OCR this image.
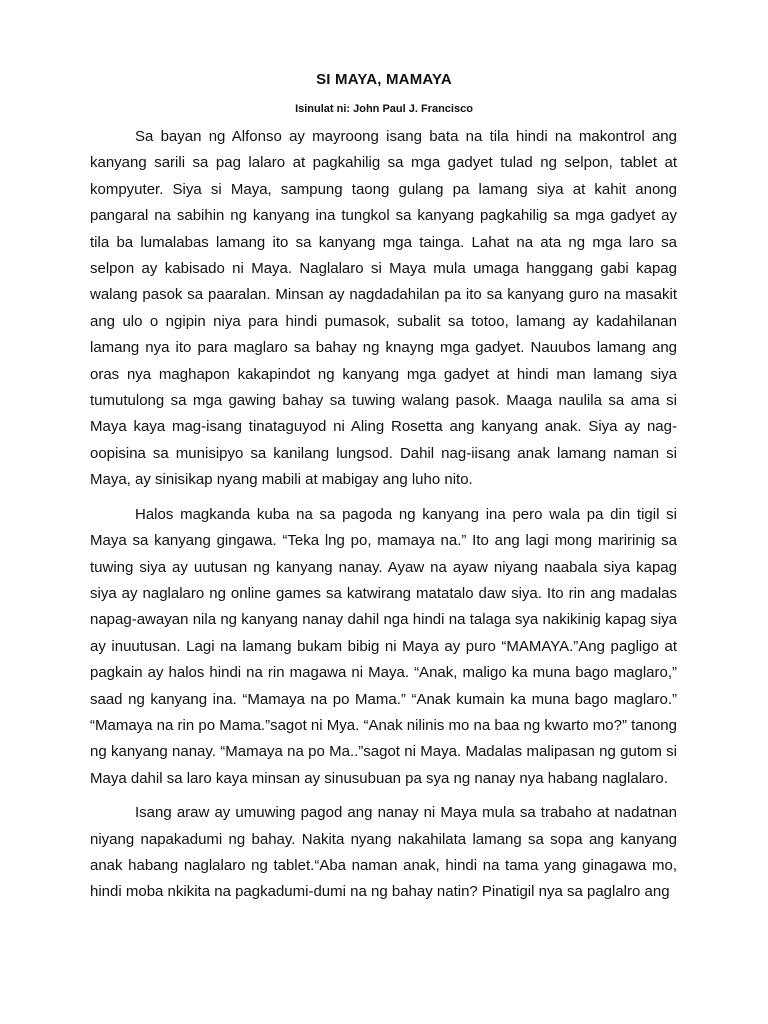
SI MAYA, MAMAYA
Isinulat ni: John Paul J. Francisco

Sa bayan ng Alfonso ay mayroong isang bata na tila hindi na makontrol ang kanyang sarili sa pag lalaro at pagkahilig sa mga gadyet tulad ng selpon, tablet at kompyuter. Siya si Maya, sampung taong gulang pa lamang siya at kahit anong pangaral na sabihin ng kanyang ina tungkol sa kanyang pagkahilig sa mga gadyet ay tila ba lumalabas lamang ito sa kanyang mga tainga. Lahat na ata ng mga laro sa selpon ay kabisado ni Maya. Naglalaro si Maya mula umaga hanggang gabi kapag walang pasok sa paaralan. Minsan ay nagdadahilan pa ito sa kanyang guro na masakit ang ulo o ngipin niya para hindi pumasok, subalit sa totoo, lamang ay kadahilanan lamang nya ito para maglaro sa bahay ng knayng mga gadyet. Nauubos lamang ang oras nya maghapon kakapindot ng kanyang mga gadyet at hindi man lamang siya tumutulong sa mga gawing bahay sa tuwing walang pasok. Maaga naulila sa ama si Maya kaya mag-isang tinataguyod ni Aling Rosetta ang kanyang anak. Siya ay nag-oopisina sa munisipyo sa kanilang lungsod. Dahil nag-iisang anak lamang naman si Maya, ay sinisikap nyang mabili at mabigay ang luho nito.

Halos magkanda kuba na sa pagoda ng kanyang ina pero wala pa din tigil si Maya sa kanyang gingawa. “Teka lng po, mamaya na.” Ito ang lagi mong maririnig sa tuwing siya ay uutusan ng kanyang nanay. Ayaw na ayaw niyang naabala siya kapag siya ay naglalaro ng online games sa katwirang matatalo daw siya. Ito rin ang madalas napag-awayan nila ng kanyang nanay dahil nga hindi na talaga sya nakikinig kapag siya ay inuutusan. Lagi na lamang bukam bibig ni Maya ay puro “MAMAYA.”Ang pagligo at pagkain ay halos hindi na rin magawa ni Maya. “Anak, maligo ka muna bago maglaro,” saad ng kanyang ina. “Mamaya na po Mama.” “Anak kumain ka muna bago maglaro.” “Mamaya na rin po Mama.”sagot ni Mya. “Anak nilinis mo na baa ng kwarto mo?” tanong ng kanyang nanay. “Mamaya na po Ma..”sagot ni Maya. Madalas malipasan ng gutom si Maya dahil sa laro kaya minsan ay sinusubuan pa sya ng nanay nya habang naglalaro.

Isang araw ay umuwing pagod ang nanay ni Maya mula sa trabaho at nadatnan niyang napakadumi ng bahay. Nakita nyang nakahilata lamang sa sopa ang kanyang anak habang naglalaro ng tablet.“Aba naman anak, hindi na tama yang ginagawa mo, hindi moba nkikita na pagkadumi-dumi na ng bahay natin? Pinatigil nya sa paglalro ang
